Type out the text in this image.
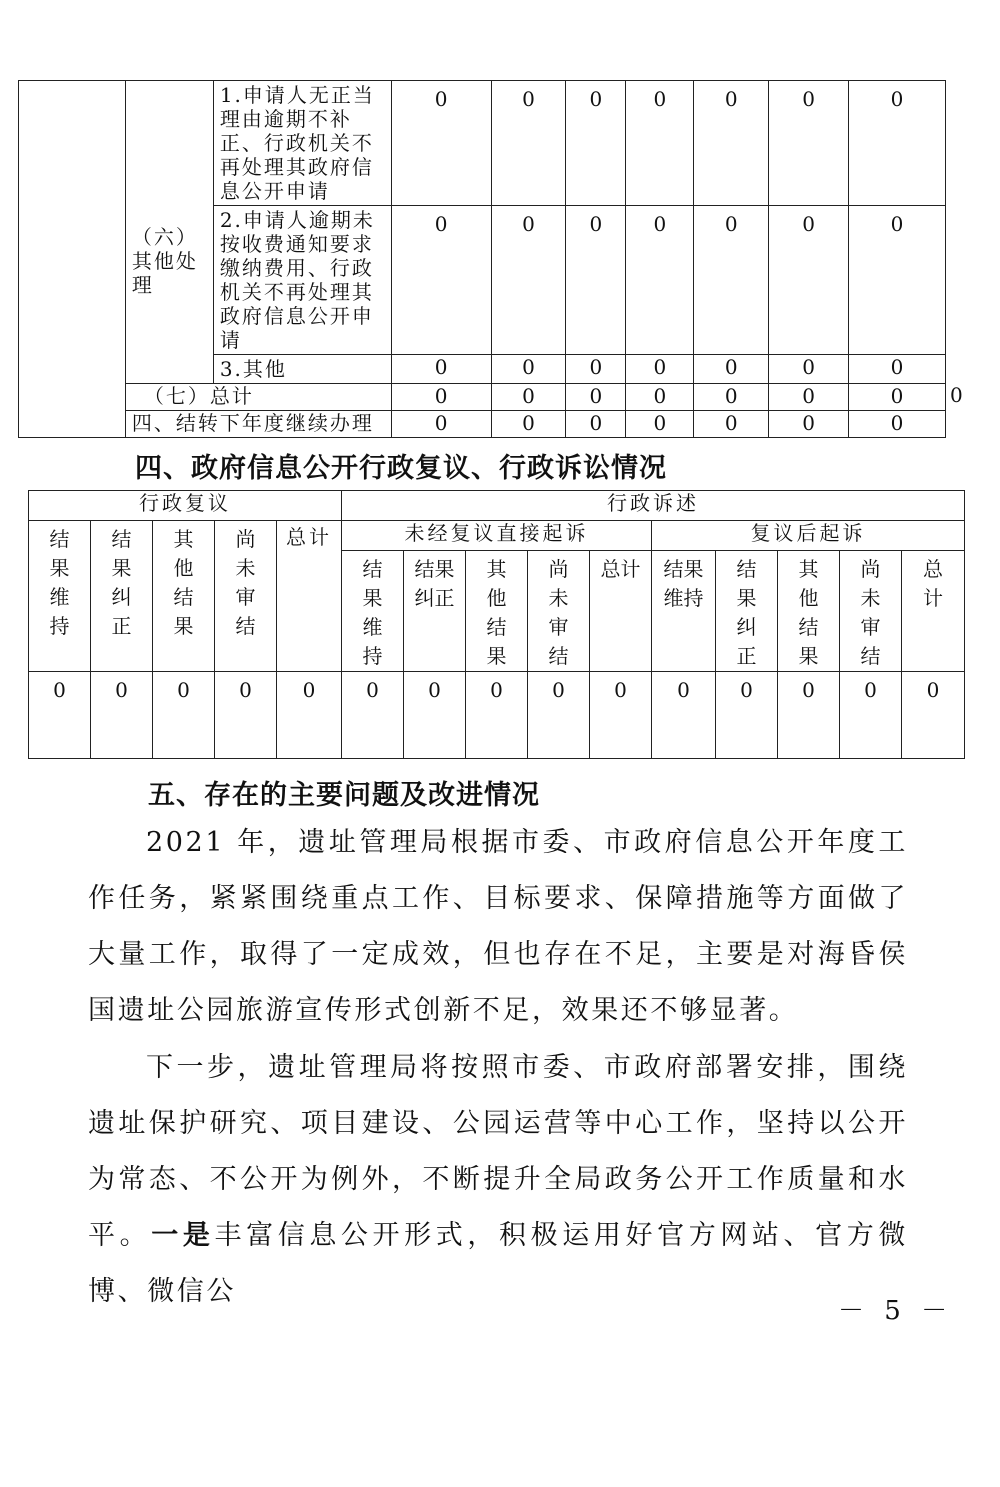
	（六）其他处理	1.申请人无正当理由逾期不补正、行政机关不再处理其政府信息公开申请	0	0	0	0	0	0	0
		2.申请人逾期未按收费通知要求缴纳费用、行政机关不再处理其政府信息公开申请	0	0	0	0	0	0	0
		3.其他	0	0	0	0	0	0	0
	（七）总计		0	0	0	0	0	0	0
	四、结转下年度继续办理		0	0	0	0	0	0	0
0
四、政府信息公开行政复议、行政诉讼情况
行政复议					行政诉述									
结果维持	结果纠正	其他结果	尚未审结	总计	未经复议直接起诉					复议后起诉				
					结果维持	结果纠正	其他结果	尚未审结	总计	结果维持	结果纠正	其他结果	尚未审结	总计
0	0	0	0	0	0	0	0	0	0	0	0	0	0	0
五、存在的主要问题及改进情况
2021 年，遗址管理局根据市委、市政府信息公开年度工作任务，紧紧围绕重点工作、目标要求、保障措施等方面做了大量工作，取得了一定成效，但也存在不足，主要是对海昏侯国遗址公园旅游宣传形式创新不足，效果还不够显著。
下一步，遗址管理局将按照市委、市政府部署安排，围绕遗址保护研究、项目建设、公园运营等中心工作，坚持以公开为常态、不公开为例外，不断提升全局政务公开工作质量和水平。一是丰富信息公开形式，积极运用好官方网站、官方微博、微信公
－ 5 －
